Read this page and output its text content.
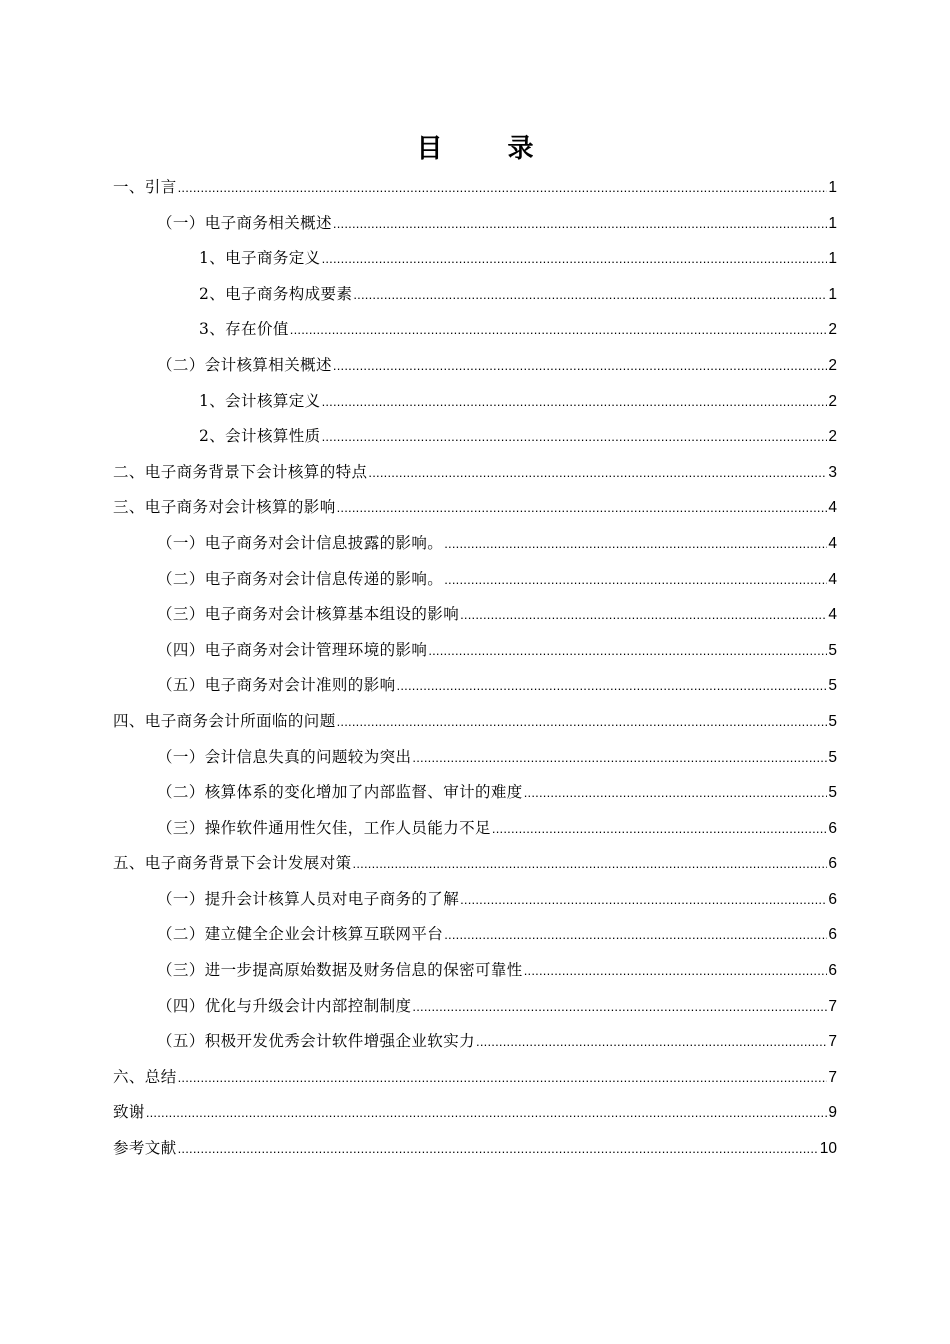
目 录
一、引言 .....	1
（一）电子商务相关概述 .....	1
1、电子商务定义 .....	1
2、电子商务构成要素 .....	1
3、存在价值 .....	2
（二）会计核算相关概述 .....	2
1、会计核算定义 .....	2
2、会计核算性质 .....	2
二、电子商务背景下会计核算的特点 .....	3
三、电子商务对会计核算的影响 .....	4
（一）电子商务对会计信息披露的影响。 .....	4
（二）电子商务对会计信息传递的影响。 .....	4
（三）电子商务对会计核算基本组设的影响 .....	4
（四）电子商务对会计管理环境的影响 .....	5
（五）电子商务对会计准则的影响 .....	5
四、电子商务会计所面临的问题 .....	5
（一）会计信息失真的问题较为突出 .....	5
（二）核算体系的变化增加了内部监督、审计的难度 .....	5
（三）操作软件通用性欠佳，工作人员能力不足 .....	6
五、电子商务背景下会计发展对策 .....	6
（一）提升会计核算人员对电子商务的了解 .....	6
（二）建立健全企业会计核算互联网平台 .....	6
（三）进一步提高原始数据及财务信息的保密可靠性 .....	6
（四）优化与升级会计内部控制制度 .....	7
（五）积极开发优秀会计软件增强企业软实力 .....	7
六、总结 .....	7
致谢 .....	9
参考文献 .....	10
